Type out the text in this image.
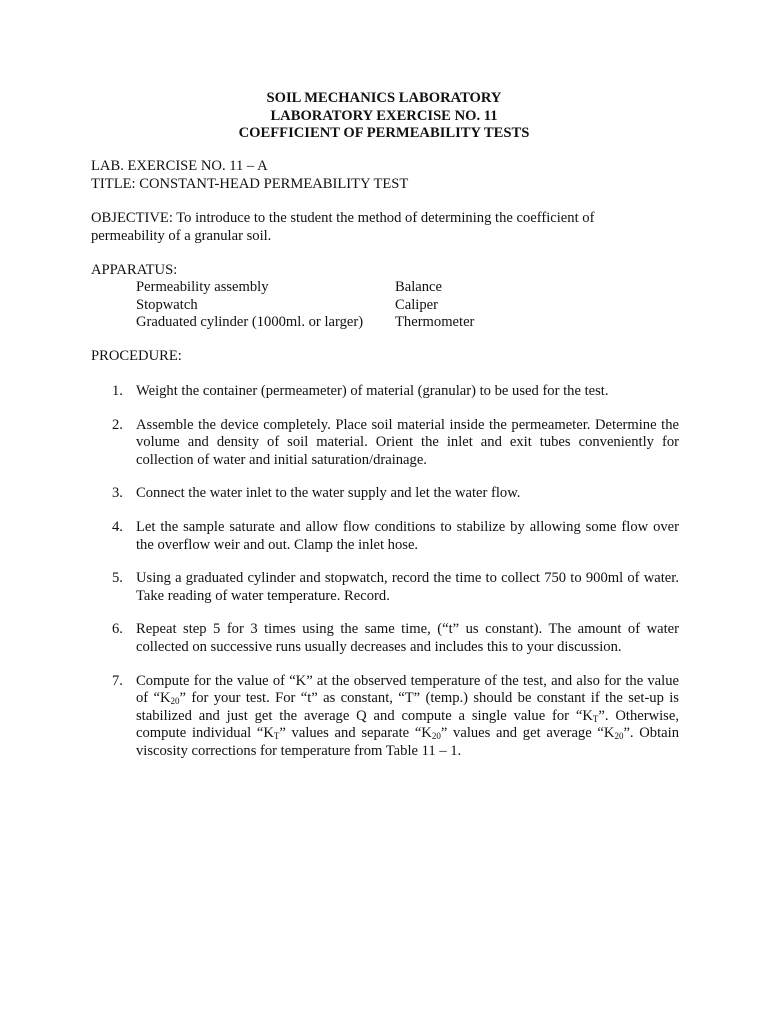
SOIL MECHANICS LABORATORY
LABORATORY EXERCISE NO. 11
COEFFICIENT OF PERMEABILITY TESTS
LAB. EXERCISE NO. 11 – A
TITLE: CONSTANT-HEAD PERMEABILITY TEST
OBJECTIVE: To introduce to the student the method of determining the coefficient of
permeability of a granular soil.
APPARATUS:
Permeability assembly	Balance
Stopwatch	Caliper
Graduated cylinder (1000ml. or larger) Thermometer
PROCEDURE:
1. Weight the container (permeameter) of material (granular) to be used for the test.
2. Assemble the device completely. Place soil material inside the permeameter. Determine the volume and density of soil material. Orient the inlet and exit tubes conveniently for collection of water and initial saturation/drainage.
3. Connect the water inlet to the water supply and let the water flow.
4. Let the sample saturate and allow flow conditions to stabilize by allowing some flow over the overflow weir and out. Clamp the inlet hose.
5. Using a graduated cylinder and stopwatch, record the time to collect 750 to 900ml of water. Take reading of water temperature. Record.
6. Repeat step 5 for 3 times using the same time, (“t” us constant). The amount of water collected on successive runs usually decreases and includes this to your discussion.
7. Compute for the value of “K” at the observed temperature of the test, and also for the value of “$K_{20}$” for your test. For “t” as constant, “T” (temp.) should be constant if the set-up is stabilized and just get the average Q and compute a single value for “$K_T$”. Otherwise, compute individual “$K_T$” values and separate “$K_{20}$” values and get average “$K_{20}$”. Obtain viscosity corrections for temperature from Table 11 – 1.
